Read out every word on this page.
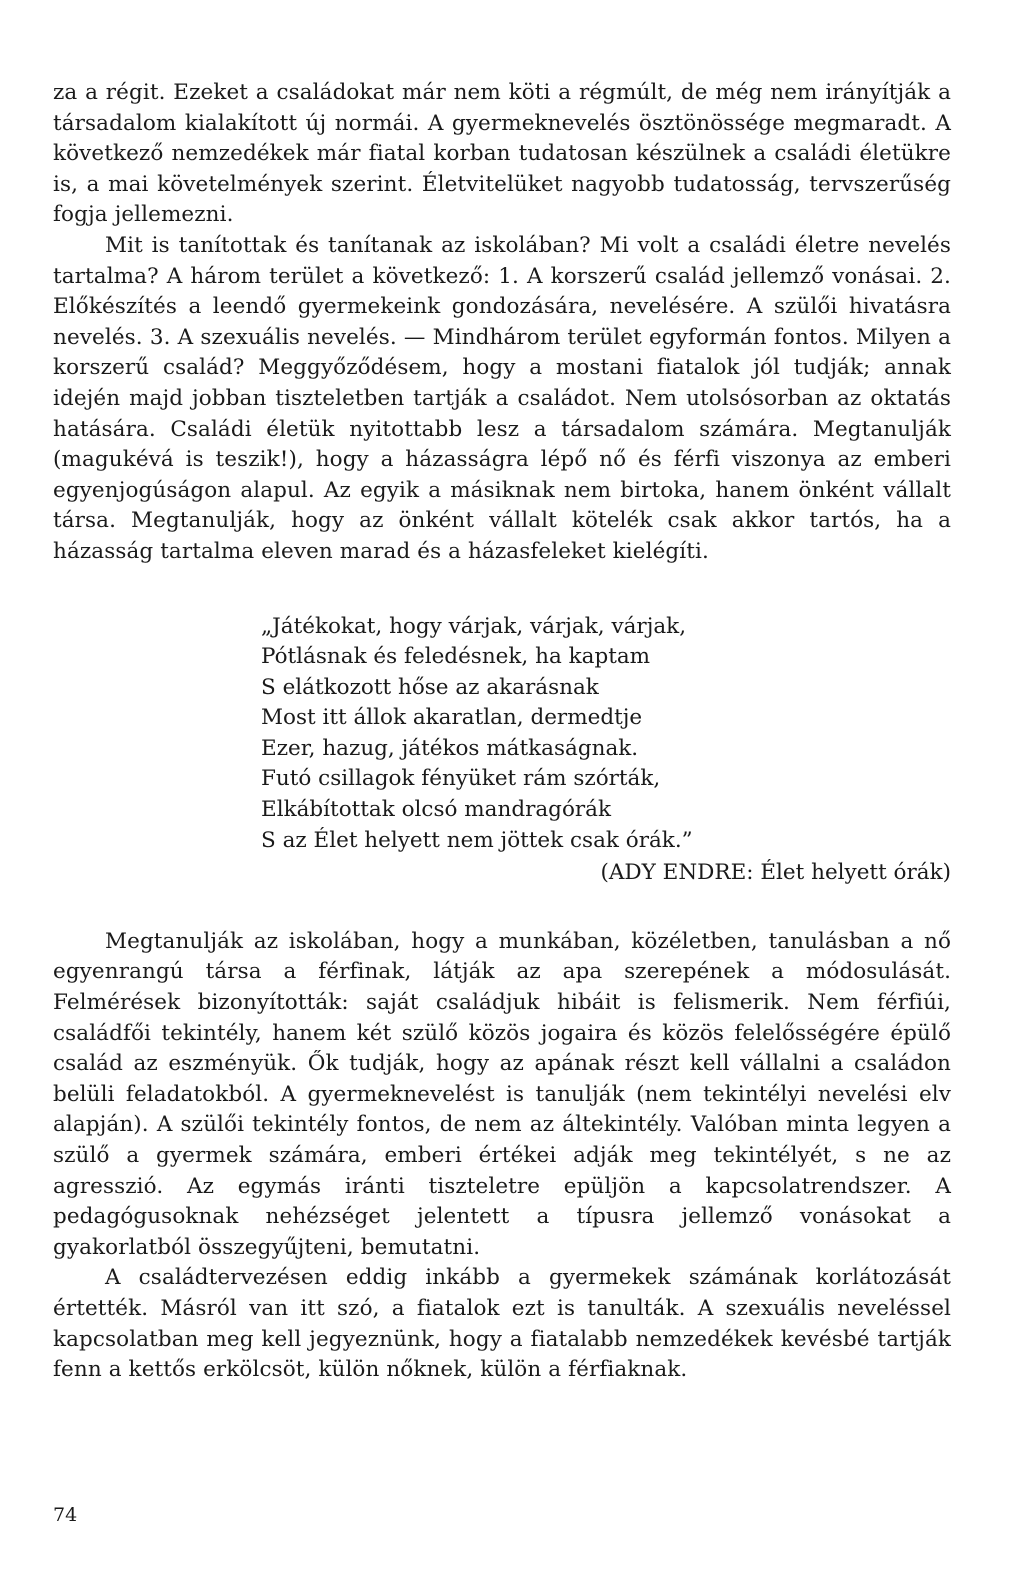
za a régit. Ezeket a családokat már nem köti a régmúlt, de még nem irányítják a társadalom kialakított új normái. A gyermeknevelés ösztönössége megmaradt. A következő nemzedékek már fiatal korban tudatosan készülnek a családi életükre is, a mai követelmények szerint. Életvitelüket nagyobb tudatosság, tervszerűség fogja jellemezni.

Mit is tanítottak és tanítanak az iskolában? Mi volt a családi életre nevelés tartalma? A három terület a következő: 1. A korszerű család jellemző vonásai. 2. Előkészítés a leendő gyermekeink gondozására, nevelésére. A szülői hivatásra nevelés. 3. A szexuális nevelés. — Mindhárom terület egyformán fontos. Milyen a korszerű család? Meggyőződésem, hogy a mostani fiatalok jól tudják; annak idején majd jobban tiszteletben tartják a családot. Nem utolsósorban az oktatás hatására. Családi életük nyitottabb lesz a társadalom számára. Megtanulják (magukévá is teszik!), hogy a házasságra lépő nő és férfi viszonya az emberi egyenjogúságon alapul. Az egyik a másiknak nem birtoka, hanem önként vállalt társa. Megtanulják, hogy az önként vállalt kötelék csak akkor tartós, ha a házasság tartalma eleven marad és a házasfeleket kielégíti.

„Játékokat, hogy várjak, várjak, várjak,
Pótlásnak és feledésnek, ha kaptam
S elátkozott hőse az akarásnak
Most itt állok akaratlan, dermedtje
Ezer, hazug, játékos mátkaságnak.
Futó csillagok fényüket rám szórták,
Elkábítottak olcsó mandragórák
S az Élet helyett nem jöttek csak órák.”
(ADY ENDRE: Élet helyett órák)

Megtanulják az iskolában, hogy a munkában, közéletben, tanulásban a nő egyenrangú társa a férfinak, látják az apa szerepének a módosulását. Felmérések bizonyították: saját családjuk hibáit is felismerik. Nem férfiúi, családfői tekintély, hanem két szülő közös jogaira és közös felelősségére épülő család az eszményük. Ők tudják, hogy az apának részt kell vállalni a családon belüli feladatokból. A gyermeknevelést is tanulják (nem tekintélyi nevelési elv alapján). A szülői tekintély fontos, de nem az áltekintély. Valóban minta legyen a szülő a gyermek számára, emberi értékei adják meg tekintélyét, s ne az agresszió. Az egymás iránti tiszteletre epüljön a kapcsolatrendszer. A pedagógusoknak nehézséget jelentett a típusra jellemző vonásokat a gyakorlatból összegyűjteni, bemutatni.

A családtervezésen eddig inkább a gyermekek számának korlátozását értették. Másról van itt szó, a fiatalok ezt is tanulták. A szexuális neveléssel kapcsolatban meg kell jegyeznünk, hogy a fiatalabb nemzedékek kevésbé tartják fenn a kettős erkölcsöt, külön nőknek, külön a férfiaknak.

74
